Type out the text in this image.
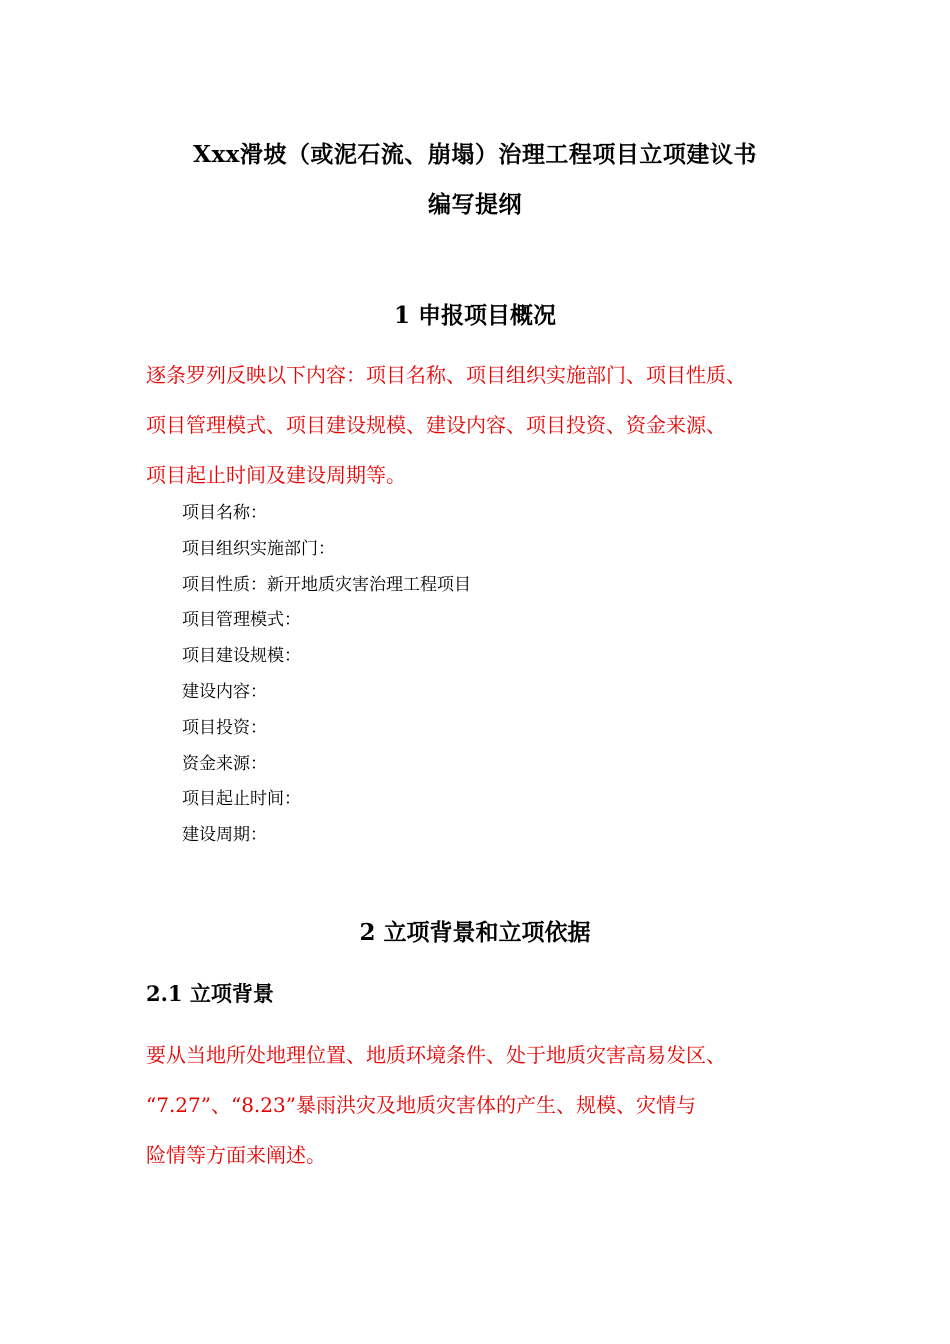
Xxx滑坡（或泥石流、崩塌）治理工程项目立项建议书
编写提纲
1 申报项目概况
逐条罗列反映以下内容：项目名称、项目组织实施部门、项目性质、
项目管理模式、项目建设规模、建设内容、项目投资、资金来源、
项目起止时间及建设周期等。
项目名称：
项目组织实施部门：
项目性质：新开地质灾害治理工程项目
项目管理模式：
项目建设规模：
建设内容：
项目投资：
资金来源：
项目起止时间：
建设周期：
2 立项背景和立项依据
2.1 立项背景
要从当地所处地理位置、地质环境条件、处于地质灾害高易发区、
“7.27”、“8.23”暴雨洪灾及地质灾害体的产生、规模、灾情与
险情等方面来阐述。
